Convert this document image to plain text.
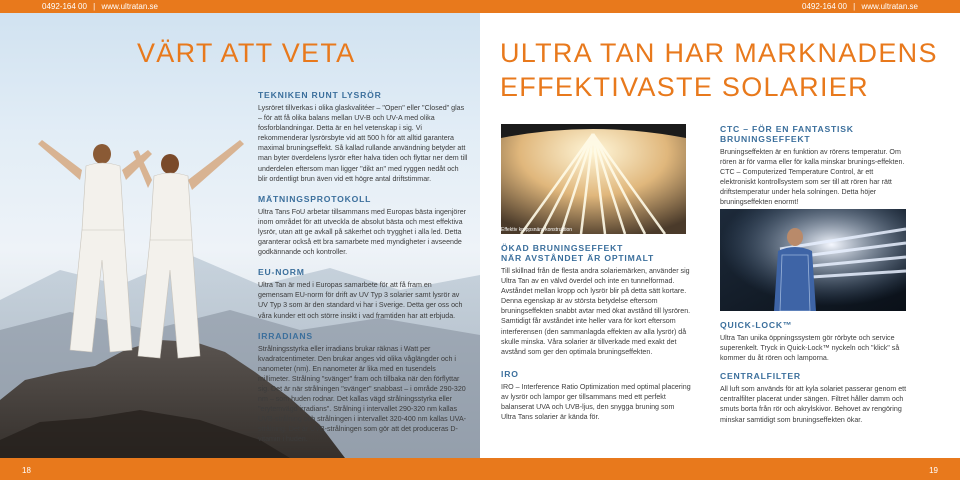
VÄRT ATT VETA
TEKNIKEN RUNT LYSRÖR

Lysröret tillverkas i olika glaskvalitéer – "Open" eller "Closed" glas – för att få olika balans mellan UV-B och UV-A med olika fosforblandningar. Detta är en hel vetenskap i sig. Vi rekommenderar lysrörsbyte vid att 500 h för att alltid garantera maximal bruningseffekt. Så kallad rullande användning betyder att man byter överdelens lysrör efter halva tiden och flyttar ner dem till underdelen eftersom man ligger "dikt an" med ryggen nedåt och blir ordentligt brun även vid ett högre antal driftstimmar.

MÄTNINGSPROTOKOLL

Ultra Tans FoU arbetar tillsammans med Europas bästa ingenjörer inom området för att utveckla de absolut bästa och mest effektiva lysrör, utan att ge avkall på säkerhet och trygghet i alla led. Detta garanterar också ett bra samarbete med myndigheter i avseende godkännande och kontroller.

EU-NORM

Ultra Tan är med i Europas samarbete för att få fram en gemensam EU-norm för drift av UV Typ 3 solarier samt lysrör av UV Typ 3 som är den standard vi har i Sverige. Detta ger oss och våra kunder ett och större insikt i vad framtiden har att erbjuda.

IRRADIANS

Strålningsstyrka eller irradians brukar räknas i Watt per kvadratcentimeter. Den brukar anges vid olika våglängder och i nanometer (nm). En nanometer är lika med en tusendels millimeter. Strålning "svänger" fram och tillbaka när den förflyttar sig. Det är när strålningen "svänger" snabbast – i område 290-320 nm – som huden rodnar. Det kallas vägd strålningsstyrka eller "erytemvägd irradians". Strålning i intervallet 290-320 nm kallas UVB-strålning och strålningen i intervallet 320-400 nm kallas UVA-strålning. Det är UVB-strålningen som gör att det produceras D-vitamin i huden.

ULTRA TAN HAR MARKNADENS
EFFEKTIVASTE SOLARIER
Effektiv kroppsnära konstruktion
ÖKAD BRUNINGSEFFEKT
NÄR AVSTÅNDET ÄR OPTIMALT

Till skillnad från de flesta andra solariemärken, använder sig Ultra Tan av en välvd överdel och inte en tunnelformad. Avståndet mellan kropp och lysrör blir på detta sätt kortare. Denna egenskap är av största betydelse eftersom bruningseffekten snabbt avtar med ökat avstånd till lysrören. Samtidigt får avståndet inte heller vara för kort eftersom interferensen (den sammanlagda effekten av alla lysrör) då skulle minska. Våra solarier är tillverkade med exakt det avstånd som ger den optimala bruningseffekten.

IRO

IRO – Interference Ratio Optimization med optimal placering av lysrör och lampor ger tillsammans med ett perfekt balanserat UVA och UVB-ljus, den snygga bruning som Ultra Tans solarier är kända för.

CTC – FÖR EN FANTASTISK
BRUNINGSEFFEKT

Bruningseffekten är en funktion av rörens temperatur. Om rören är för varma eller för kalla minskar brunings-effekten. CTC – Computerized Temperature Control, är ett elektroniskt kontrollsystem som ser till att rören har rätt driftstemperatur under hela solningen. Detta höjer bruningseffekten enormt!

QUICK-LOCK™

Ultra Tan unika öppningssystem gör rörbyte och service superenkelt. Tryck in Quick-Lock™ nyckeln och "klick" så kommer du åt rören och lamporna.

CENTRALFILTER

All luft som används för att kyla solariet passerar genom ett centralfilter placerat under sängen. Filtret håller damm och smuts borta från rör och akrylskivor. Behovet av rengöring minskar samtidigt som bruningseffekten ökar.

0492-164 00 | www.ultratan.se	0492-164 00 | www.ultratan.se
18	19
